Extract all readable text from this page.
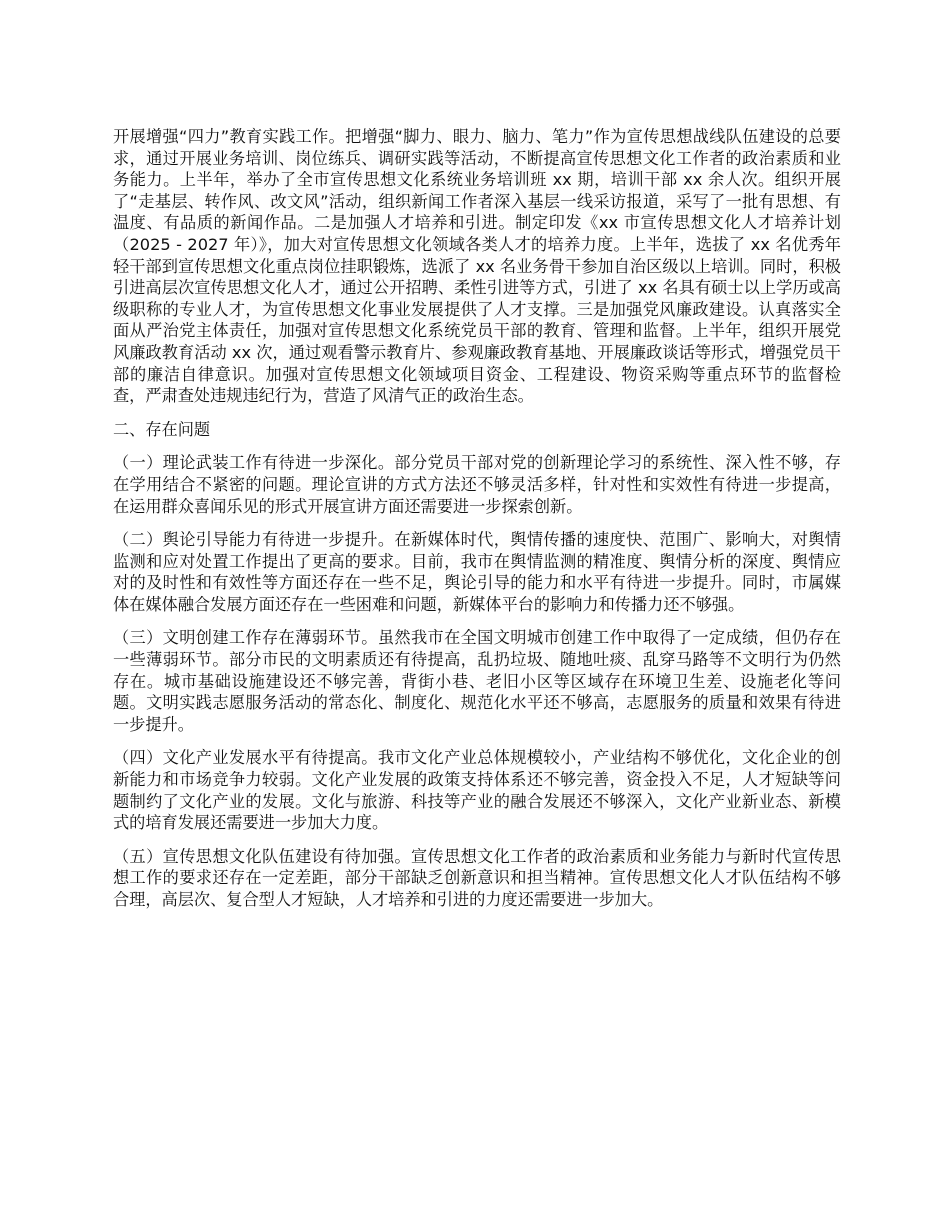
开展增强“四力”教育实践工作。把增强“脚力、眼力、脑力、笔力”作为宣传思想战线队伍建设的总要求，通过开展业务培训、岗位练兵、调研实践等活动，不断提高宣传思想文化工作者的政治素质和业务能力。上半年，举办了全市宣传思想文化系统业务培训班 xx 期，培训干部 xx 余人次。组织开展了“走基层、转作风、改文风”活动，组织新闻工作者深入基层一线采访报道，采写了一批有思想、有温度、有品质的新闻作品。二是加强人才培养和引进。制定印发《xx 市宣传思想文化人才培养计划（2025 - 2027 年）》，加大对宣传思想文化领域各类人才的培养力度。上半年，选拔了 xx 名优秀年轻干部到宣传思想文化重点岗位挂职锻炼，选派了 xx 名业务骨干参加自治区级以上培训。同时，积极引进高层次宣传思想文化人才，通过公开招聘、柔性引进等方式，引进了 xx 名具有硕士以上学历或高级职称的专业人才，为宣传思想文化事业发展提供了人才支撑。三是加强党风廉政建设。认真落实全面从严治党主体责任，加强对宣传思想文化系统党员干部的教育、管理和监督。上半年，组织开展党风廉政教育活动 xx 次，通过观看警示教育片、参观廉政教育基地、开展廉政谈话等形式，增强党员干部的廉洁自律意识。加强对宣传思想文化领域项目资金、工程建设、物资采购等重点环节的监督检查，严肃查处违规违纪行为，营造了风清气正的政治生态。

二、存在问题

（一）理论武装工作有待进一步深化。部分党员干部对党的创新理论学习的系统性、深入性不够，存在学用结合不紧密的问题。理论宣讲的方式方法还不够灵活多样，针对性和实效性有待进一步提高，在运用群众喜闻乐见的形式开展宣讲方面还需要进一步探索创新。

（二）舆论引导能力有待进一步提升。在新媒体时代，舆情传播的速度快、范围广、影响大，对舆情监测和应对处置工作提出了更高的要求。目前，我市在舆情监测的精准度、舆情分析的深度、舆情应对的及时性和有效性等方面还存在一些不足，舆论引导的能力和水平有待进一步提升。同时，市属媒体在媒体融合发展方面还存在一些困难和问题，新媒体平台的影响力和传播力还不够强。

（三）文明创建工作存在薄弱环节。虽然我市在全国文明城市创建工作中取得了一定成绩，但仍存在一些薄弱环节。部分市民的文明素质还有待提高，乱扔垃圾、随地吐痰、乱穿马路等不文明行为仍然存在。城市基础设施建设还不够完善，背街小巷、老旧小区等区域存在环境卫生差、设施老化等问题。文明实践志愿服务活动的常态化、制度化、规范化水平还不够高，志愿服务的质量和效果有待进一步提升。

（四）文化产业发展水平有待提高。我市文化产业总体规模较小，产业结构不够优化，文化企业的创新能力和市场竞争力较弱。文化产业发展的政策支持体系还不够完善，资金投入不足，人才短缺等问题制约了文化产业的发展。文化与旅游、科技等产业的融合发展还不够深入，文化产业新业态、新模式的培育发展还需要进一步加大力度。

（五）宣传思想文化队伍建设有待加强。宣传思想文化工作者的政治素质和业务能力与新时代宣传思想工作的要求还存在一定差距，部分干部缺乏创新意识和担当精神。宣传思想文化人才队伍结构不够合理，高层次、复合型人才短缺，人才培养和引进的力度还需要进一步加大。
